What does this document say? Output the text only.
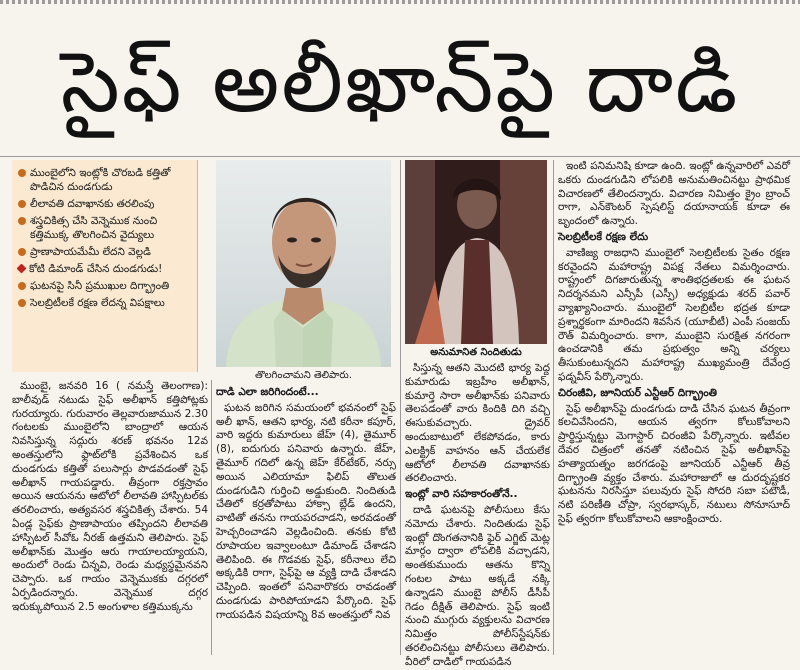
సైఫ్ అలీఖాన్‌పై దాడి
ముంబైలోని ఇంట్లోకి చొరబడి కత్తితో పొడిచిన దుండగుడు
లీలావతి దవాఖానకు తరలింపు
శస్త్రచికిత్స చేసి వెన్నెముక నుంచి కత్తిముక్క తొలగించిన వైద్యులు
ప్రాణాపాయమేమీ లేదని వెల్లడి
కోటి డిమాండ్ చేసిన దుండగుడు!
ఘటనపై సినీ ప్రముఖుల దిగ్భ్రాంతి
సెలబ్రిటీలకే రక్షణ లేదన్న విపక్షాలు
తొలగించామని తెలిపారు.
అనుమానిత నిందితుడు

ముంబై, జనవరి 16 ( నమస్తే తెలంగాణ): బాలీవుడ్ నటుడు సైఫ్ అలీఖాన్ కత్తిపోట్లకు గురయ్యారు. గురువారం తెల్లవారుజామున 2.30 గంటలకు ముంబైలోని బాంద్రాలో ఆయన నివసిస్తున్న సద్గురు శరణ్ భవనం 12వ అంతస్తులోని ఫ్లాట్‌లోకి ప్రవేశించిన ఒక దుండగుడు కత్తితో పలుసార్లు పొడవడంతో సైఫ్ అలీఖాన్ గాయపడ్డారు. తీవ్రంగా రక్తస్రావం అయిన ఆయనను ఆటోలో లీలావతి హాస్పిటల్‌కు తరలించారు, అత్యవసర శస్త్రచికిత్స చేశారు. 54 ఏండ్ల సైఫ్‌కు ప్రాణాపాయం తప్పిందని లీలావతి హాస్పిటల్ సీవోఓ నీరజ్ ఉత్తమని తెలిపారు. సైఫ్ అలీఖాన్‌కు మొత్తం ఆరు గాయాలయ్యాయని, అందులో రెండు చిన్నవి, రెండు మధ్యస్థమైనవని చెప్పారు. ఒక గాయం వెన్నెముకకు దగ్గరలో ఏర్పడిందన్నారు. వెన్నెముక దగ్గర ఇరుక్కుపోయిన 2.5 అంగుళాల కత్తిముక్కను

దాడి ఎలా జరిగిందంటే...

ఘటన జరిగిన సమయంలో భవనంలో సైఫ్ అలీ ఖాన్, ఆతని భార్య, నటి కరీనా కపూర్, వారి ఇద్దరు కుమారులు జేహ్ (4), తైమూర్ (8), ఐదుగురు పనివారు ఉన్నారు. జేహ్, తైమూర్ గదిలో ఉన్న జెహ్ కేర్‌టేకర్, నర్సు అయిన ఎలియామా ఫిలిప్ తొలుత దుండగుడిని గుర్తించి అడ్డుకుంది. నిందితుడి చేతిలో కర్రతోపాటు హాక్సా బ్లేడ్ ఉందని, వాటితో తనను గాయపరచాడని, అరవడంతో హెచ్చరించాడని వెల్లడించింది. తనకు కోటి రూపాయల ఇవ్వాలంటూ డిమాండ్ చేశాడని తెలిపింది. ఈ గొడవకు సైఫ్, కరీనాలు లేచి అక్కడికి రాగా, సైఫ్‌పై ఆ వ్యక్తి దాడి చేశాడని చెప్పింది. ఇంతలో పనివారొకరు రావడంతో దుండగుడు పారిపోయాడని పేర్కొంది. సైఫ్ గాయపడిన విషయాన్ని 8వ అంతస్తులో నివ

సిస్తున్న ఆతని మొదటి భార్య పెద్ద కుమారుడు ఇబ్రహీం అలీఖాన్, కుమార్తె సారా అలీఖాన్‌కు పనివారు తెలపడంతో వారు కిందికి దిగి వచ్చి ఈసుకువచ్చారు. డ్రైవర్ అందుబాటులో లేకపోవడం, కారు ఎలక్ట్రిక్ వాహనం ఆన్ చేయలేక ఆటోలో లీలావతి దవాఖానకు తరలించారు.

ఇంట్లో వారి సహకారంతోనే..

దాడి ఘటనపై పోలీసులు కేసు నమోదు చేశారు. నిందితుడు సైఫ్ ఇంట్లో దొంగతనానికి ఫైర్ ఎగ్జిట్ మెట్ల మార్గం ద్వారా లోపలికి వచ్చాడని, అంతకుముందు ఆతను కొన్ని గంటల పాటు అక్కడే నక్కి ఉన్నాడని ముంబై పోలీస్ డీసీపీ గెడం దీక్షిత్ తెలిపారు. సైఫ్ ఇంటి నుంచి ముగ్గురు వ్యక్తులను విచారణ నిమిత్తం పోలీస్‌స్టేషన్‌కు తరలించినట్టు పోలీసులు తెలిపారు. వీరిలో దాడిలో గాయపడిన

ఇంటి పనిమనిషి కూడా ఉంది. ఇంట్లో ఉన్నవారిలో ఎవరో ఒకరు దుండగుడిని లోపలికి అనుమతించినట్టు ప్రాథమిక విచారణలో తేలిందన్నారు. విచారణ నిమిత్తం క్రైం బ్రాంచ్ రాగా, ఎన్‌కౌంటర్ స్పెషలిస్ట్ దయానాయక్ కూడా ఈ బృందంలో ఉన్నారు.

సెలబ్రిటీలకే రక్షణ లేదు

వాణిజ్య రాజధాని ముంబైలో సెలబ్రిటీలకు సైతం రక్షణ కరవైందని మహారాష్ట్ర విపక్ష నేతలు విమర్శించారు. రాష్ట్రంలో దిగజారుతున్న శాంతిభద్రతలకు ఈ ఘటన నిదర్శనమని ఎన్సీపీ (ఎస్పీ) అధ్యక్షుడు శరద్ పవార్ వ్యాఖ్యానించారు. ముంబైలో సెలబ్రిటీల భద్రత కూడా ప్రశ్నార్థకంగా మారిందని శివసేన (యూబీటీ) ఎంపీ సంజయ్ రౌత్ విమర్శించారు. కాగా, ముంబైని సురక్షిత నగరంగా ఉంచడానికి తమ ప్రభుత్వం అన్ని చర్యలు తీసుకుంటున్నదని మహారాష్ట్ర ముఖ్యమంత్రి దేవేంద్ర ఫడ్నవీస్ పేర్కొన్నారు.

చిరంజీవి, జూనియర్ ఎన్టీఆర్ దిగ్భ్రాంతి

సైఫ్ అలీఖాన్‌పై దుండగుడు దాడి చేసిన ఘటన తీవ్రంగా కలచివేసిందని, ఆయన త్వరగా కోలుకోవాలని ప్రార్థిస్తున్నట్టు మెగాస్టార్ చిరంజీవి పేర్కొన్నారు. ఇటీవల దేవర చిత్రంలో తనతో నటించిన సైఫ్ అలీఖాన్‌పై హత్యాయత్నం జరగడంపై జూనియర్ ఎన్టీఆర్ తీవ్ర దిగ్భ్రాంతి వ్యక్తం చేశారు. మహారాజులో ఆ దురదృష్టకర ఘటనను నిరసిస్తూ పలువురు సైఫ్ సోదరి సబా పటౌడీ, నటి పరిణీతి చోప్రా, స్వరభాస్కర్, నటులు సోనూసూద్ సైఫ్ త్వరగా కోలుకోవాలని ఆకాంక్షించారు.
